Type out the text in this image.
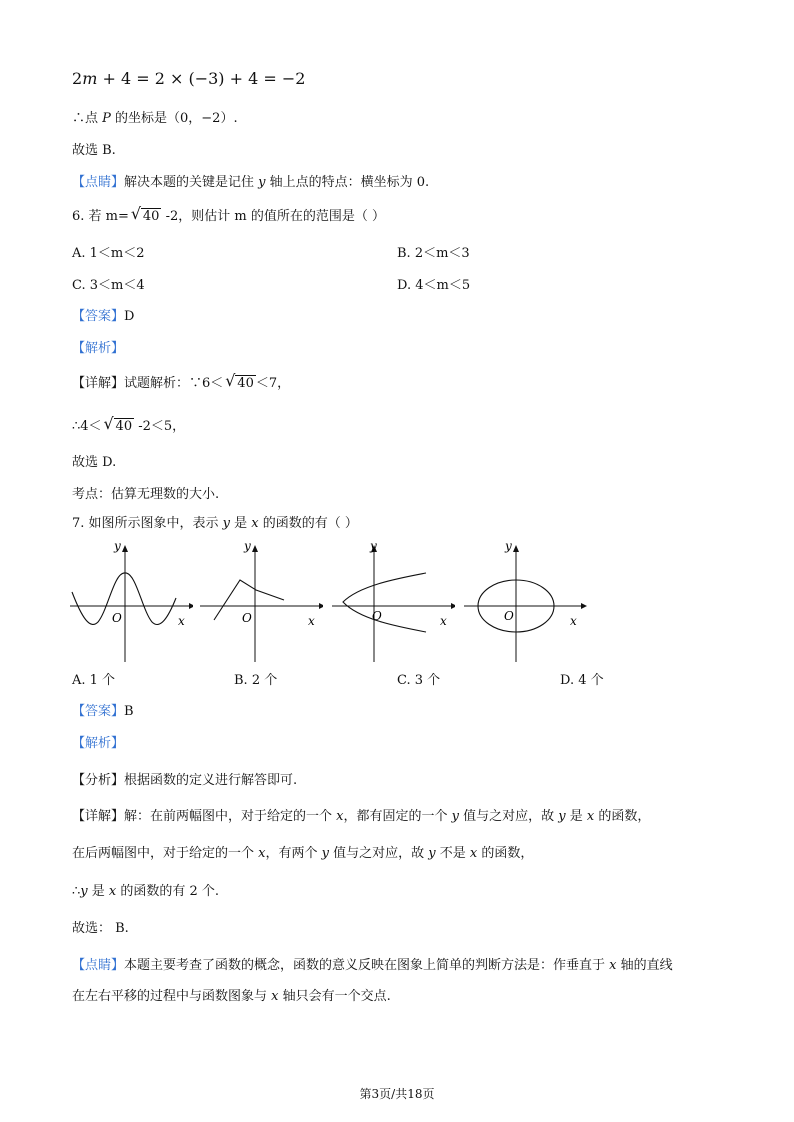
2m + 4 = 2 × (−3) + 4 = −2
∴点 P 的坐标是（0，−2）.
故选 B.
【点睛】解决本题的关键是记住 y 轴上点的特点：横坐标为 0.
6. 若 m= √ 40 -2，则估计 m 的值所在的范围是（ ）
A. 1＜m＜2	B. 2＜m＜3
C. 3＜m＜4	D. 4＜m＜5
【答案】D
【解析】
【详解】试题解析：∵6＜ √ 40 ＜7，
∴4＜ √ 40 -2＜5，
故选 D.
考点：估算无理数的大小.
7. 如图所示图象中，表示 y 是 x 的函数的有（ ）
y
O	x
y
O	x
y
O	x
y
O	x
A. 1 个	B. 2 个	C. 3 个	D. 4 个
【答案】B
【解析】
【分析】根据函数的定义进行解答即可.
【详解】解：在前两幅图中，对于给定的一个 x，都有固定的一个 y 值与之对应，故 y 是 x 的函数，
在后两幅图中，对于给定的一个 x，有两个 y 值与之对应，故 y 不是 x 的函数，
∴y 是 x 的函数的有 2 个.
故选： B.
【点睛】本题主要考查了函数的概念，函数的意义反映在图象上简单的判断方法是：作垂直于 x 轴的直线
在左右平移的过程中与函数图象与 x 轴只会有一个交点.
第3页/共18页
